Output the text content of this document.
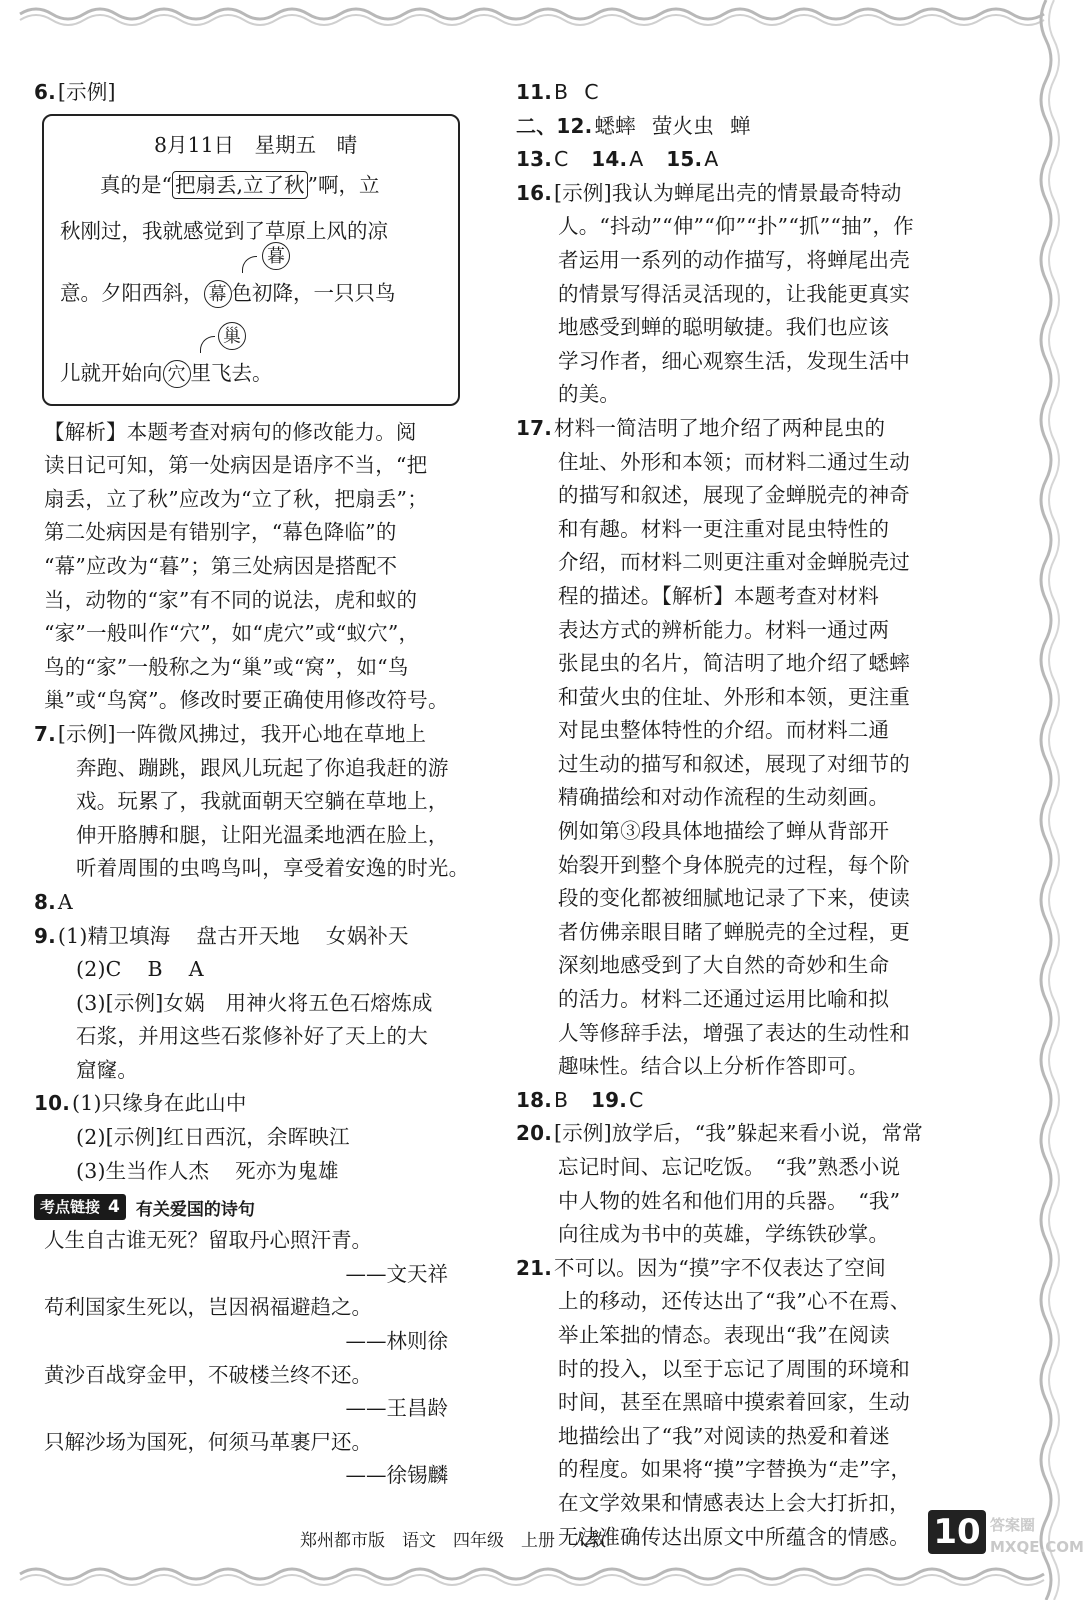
6.[示例]
8月11日　星期五　晴
真的是“ 把扇丢,立了秋 ”啊，立
秋刚过，我就感觉到了草原上风的凉
暮
意。夕阳西斜， 幕 色初降，一只只鸟
巢
儿就开始向 穴 里飞去。
【解析】本题考查对病句的修改能力。阅
读日记可知，第一处病因是语序不当，“把
扇丢，立了秋”应改为“立了秋，把扇丢”；
第二处病因是有错别字，“幕色降临”的
“幕”应改为“暮”；第三处病因是搭配不
当，动物的“家”有不同的说法，虎和蚁的
“家”一般叫作“穴”，如“虎穴”或“蚁穴”，
鸟的“家”一般称之为“巢”或“窝”，如“鸟
巢”或“鸟窝”。修改时要正确使用修改符号。
7.[示例]一阵微风拂过，我开心地在草地上
奔跑、蹦跳，跟风儿玩起了你追我赶的游
戏。玩累了，我就面朝天空躺在草地上，
伸开胳膊和腿，让阳光温柔地洒在脸上，
听着周围的虫鸣鸟叫，享受着安逸的时光。
8.A
9.(1)精卫填海 盘古开天地 女娲补天
(2)C B A
(3)[示例]女娲　用神火将五色石熔炼成
石浆，并用这些石浆修补好了天上的大
窟窿。
10.(1)只缘身在此山中
(2)[示例]红日西沉，余晖映江
(3)生当作人杰 死亦为鬼雄
考点链接 4 有关爱国的诗句
人生自古谁无死？留取丹心照汗青。
——文天祥
苟利国家生死以，岂因祸福避趋之。
——林则徐
黄沙百战穿金甲，不破楼兰终不还。
——王昌龄
只解沙场为国死，何须马革裹尸还。
——徐锡麟
11.B C
二、12.蟋蟀 萤火虫 蝉
13.C 14.A 15.A
16.[示例]我认为蝉尾出壳的情景最奇特动
人。“抖动”“伸”“仰”“扑”“抓”“抽”，作
者运用一系列的动作描写，将蝉尾出壳
的情景写得活灵活现的，让我能更真实
地感受到蝉的聪明敏捷。我们也应该
学习作者，细心观察生活，发现生活中
的美。
17.材料一简洁明了地介绍了两种昆虫的
住址、外形和本领；而材料二通过生动
的描写和叙述，展现了金蝉脱壳的神奇
和有趣。材料一更注重对昆虫特性的
介绍，而材料二则更注重对金蝉脱壳过
程的描述。【解析】本题考查对材料
表达方式的辨析能力。材料一通过两
张昆虫的名片，简洁明了地介绍了蟋蟀
和萤火虫的住址、外形和本领，更注重
对昆虫整体特性的介绍。而材料二通
过生动的描写和叙述，展现了对细节的
精确描绘和对动作流程的生动刻画。
例如第③段具体地描绘了蝉从背部开
始裂开到整个身体脱壳的过程，每个阶
段的变化都被细腻地记录了下来，使读
者仿佛亲眼目睹了蝉脱壳的全过程，更
深刻地感受到了大自然的奇妙和生命
的活力。材料二还通过运用比喻和拟
人等修辞手法，增强了表达的生动性和
趣味性。结合以上分析作答即可。
18.B 19.C
20.[示例]放学后，“我”躲起来看小说，常常
忘记时间、忘记吃饭。　“我”熟悉小说
中人物的姓名和他们用的兵器。　“我”
向往成为书中的英雄，学练铁砂掌。
21.不可以。因为“摸”字不仅表达了空间
上的移动，还传达出了“我”心不在焉、
举止笨拙的情态。表现出“我”在阅读
时的投入，以至于忘记了周围的环境和
时间，甚至在黑暗中摸索着回家，生动
地描绘出了“我”对阅读的热爱和着迷
的程度。如果将“摸”字替换为“走”字，
在文学效果和情感表达上会大打折扣，
无法准确传达出原文中所蕴含的情感。
郑州都市版　语文　四年级　上册　人教	10 答案圈
MXQE.COM
